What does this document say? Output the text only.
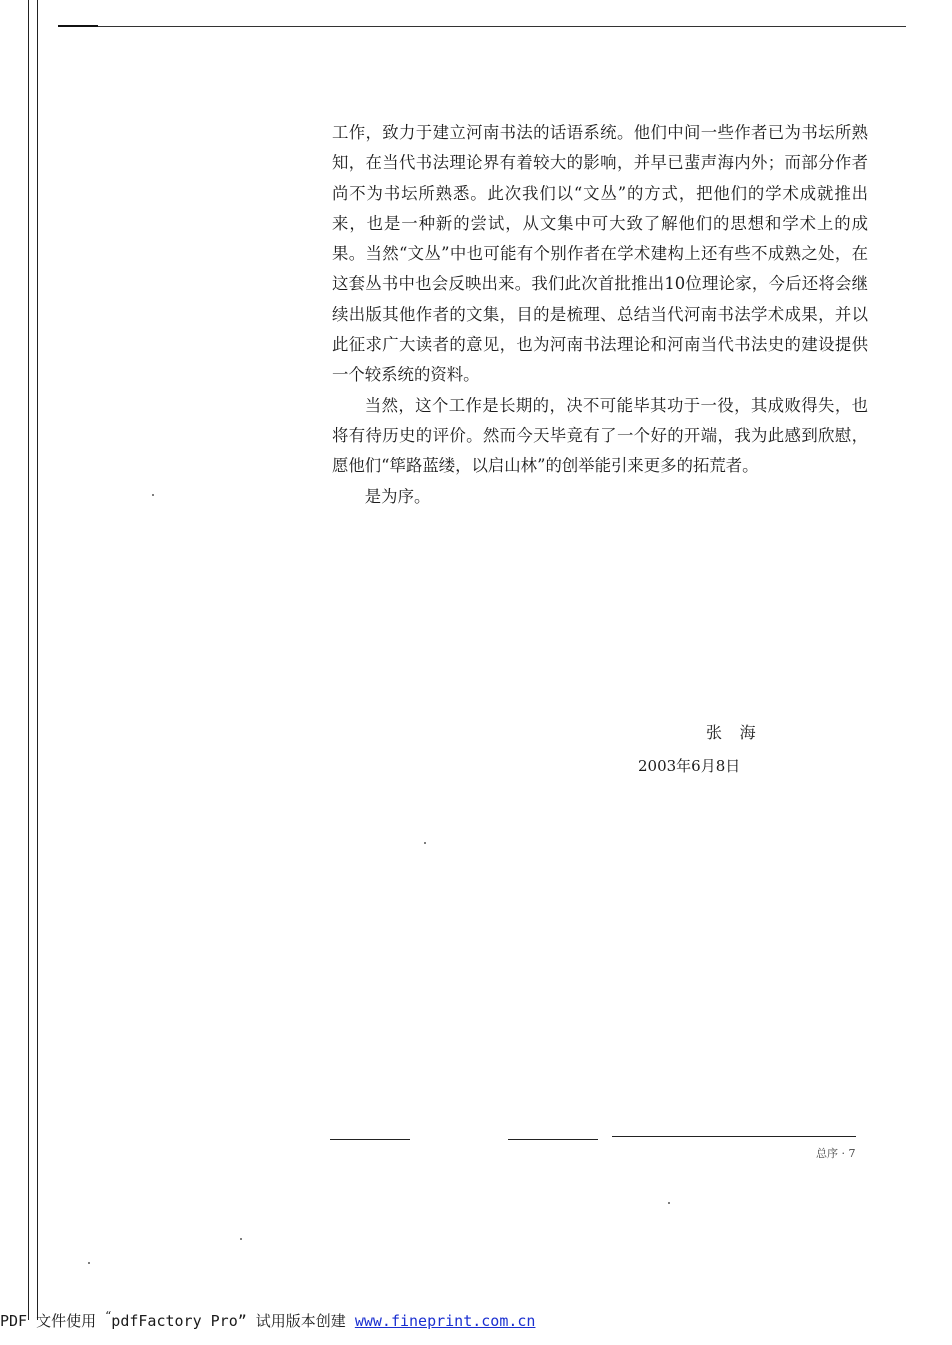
工作，致力于建立河南书法的话语系统。他们中间一些作者已为书坛所熟知，在当代书法理论界有着较大的影响，并早已蜚声海内外；而部分作者尚不为书坛所熟悉。此次我们以“文丛”的方式，把他们的学术成就推出来，也是一种新的尝试，从文集中可大致了解他们的思想和学术上的成果。当然“文丛”中也可能有个别作者在学术建构上还有些不成熟之处，在这套丛书中也会反映出来。我们此次首批推出10位理论家，今后还将会继续出版其他作者的文集，目的是梳理、总结当代河南书法学术成果，并以此征求广大读者的意见，也为河南书法理论和河南当代书法史的建设提供一个较系统的资料。

当然，这个工作是长期的，决不可能毕其功于一役，其成败得失，也将有待历史的评价。然而今天毕竟有了一个好的开端，我为此感到欣慰，愿他们“筚路蓝缕，以启山林”的创举能引来更多的拓荒者。

是为序。

张海
2003年6月8日
总序 · 7
PDF 文件使用 “pdfFactory Pro” 试用版本创建 www.fineprint.com.cn
